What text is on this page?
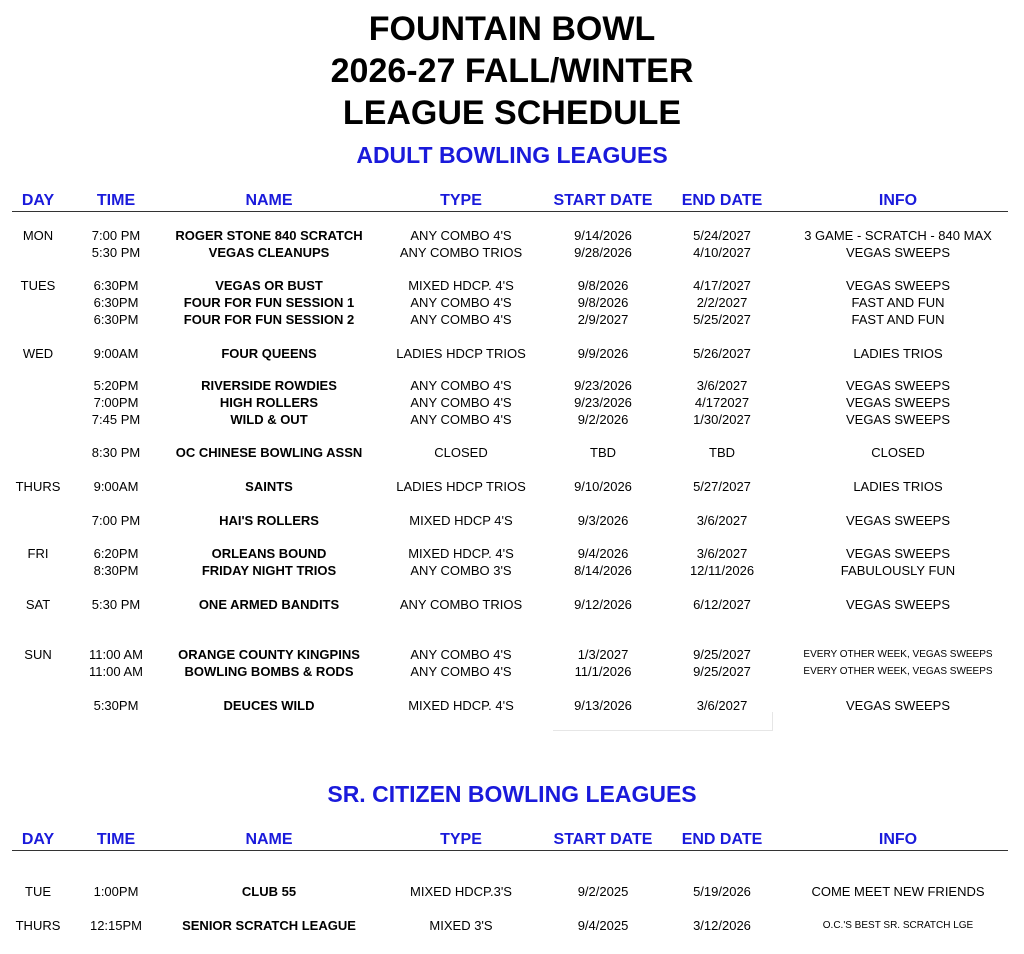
FOUNTAIN BOWL
2026-27 FALL/WINTER
LEAGUE SCHEDULE
ADULT BOWLING LEAGUES
DAY	TIME	NAME	TYPE	START DATE END DATE	INFO
MON	7:00 PM	ROGER STONE 840 SCRATCH	ANY COMBO 4'S	9/14/2026	5/24/2027	3 GAME - SCRATCH - 840 MAX
5:30 PM	VEGAS CLEANUPS	ANY COMBO TRIOS	9/28/2026	4/10/2027	VEGAS SWEEPS
TUES	6:30PM	VEGAS OR BUST	MIXED HDCP. 4'S	9/8/2026	4/17/2027	VEGAS SWEEPS
6:30PM	FOUR FOR FUN SESSION 1	ANY COMBO 4'S	9/8/2026	2/2/2027	FAST AND FUN
6:30PM	FOUR FOR FUN SESSION 2	ANY COMBO 4'S	2/9/2027	5/25/2027	FAST AND FUN
WED	9:00AM	FOUR QUEENS	LADIES HDCP TRIOS	9/9/2026	5/26/2027	LADIES TRIOS
5:20PM	RIVERSIDE ROWDIES	ANY COMBO 4'S	9/23/2026	3/6/2027	VEGAS SWEEPS
7:00PM	HIGH ROLLERS	ANY COMBO 4'S	9/23/2026	4/172027	VEGAS SWEEPS
7:45 PM	WILD & OUT	ANY COMBO 4'S	9/2/2026	1/30/2027	VEGAS SWEEPS
8:30 PM	OC CHINESE BOWLING ASSN	CLOSED	TBD	TBD	CLOSED
THURS	9:00AM	SAINTS	LADIES HDCP TRIOS	9/10/2026	5/27/2027	LADIES TRIOS
7:00 PM	HAI'S ROLLERS	MIXED HDCP 4'S	9/3/2026	3/6/2027	VEGAS SWEEPS
FRI	6:20PM	ORLEANS BOUND	MIXED HDCP. 4'S	9/4/2026	3/6/2027	VEGAS SWEEPS
8:30PM	FRIDAY NIGHT TRIOS	ANY COMBO 3'S	8/14/2026	12/11/2026	FABULOUSLY FUN
SAT	5:30 PM	ONE ARMED BANDITS	ANY COMBO TRIOS	9/12/2026	6/12/2027	VEGAS SWEEPS
SUN	11:00 AM	ORANGE COUNTY KINGPINS	ANY COMBO 4'S	1/3/2027	9/25/2027	EVERY OTHER WEEK, VEGAS SWEEPS
11:00 AM	BOWLING BOMBS & RODS	ANY COMBO 4'S	11/1/2026	9/25/2027	EVERY OTHER WEEK, VEGAS SWEEPS
5:30PM	DEUCES WILD	MIXED HDCP. 4'S	9/13/2026	3/6/2027	VEGAS SWEEPS
SR. CITIZEN BOWLING LEAGUES
DAY	TIME	NAME	TYPE	START DATE END DATE	INFO
TUE	1:00PM	CLUB 55	MIXED HDCP.3'S	9/2/2025	5/19/2026	COME MEET NEW FRIENDS
THURS 12:15PM	SENIOR SCRATCH LEAGUE	MIXED 3'S	9/4/2025	3/12/2026	O.C.'S BEST SR. SCRATCH LGE
